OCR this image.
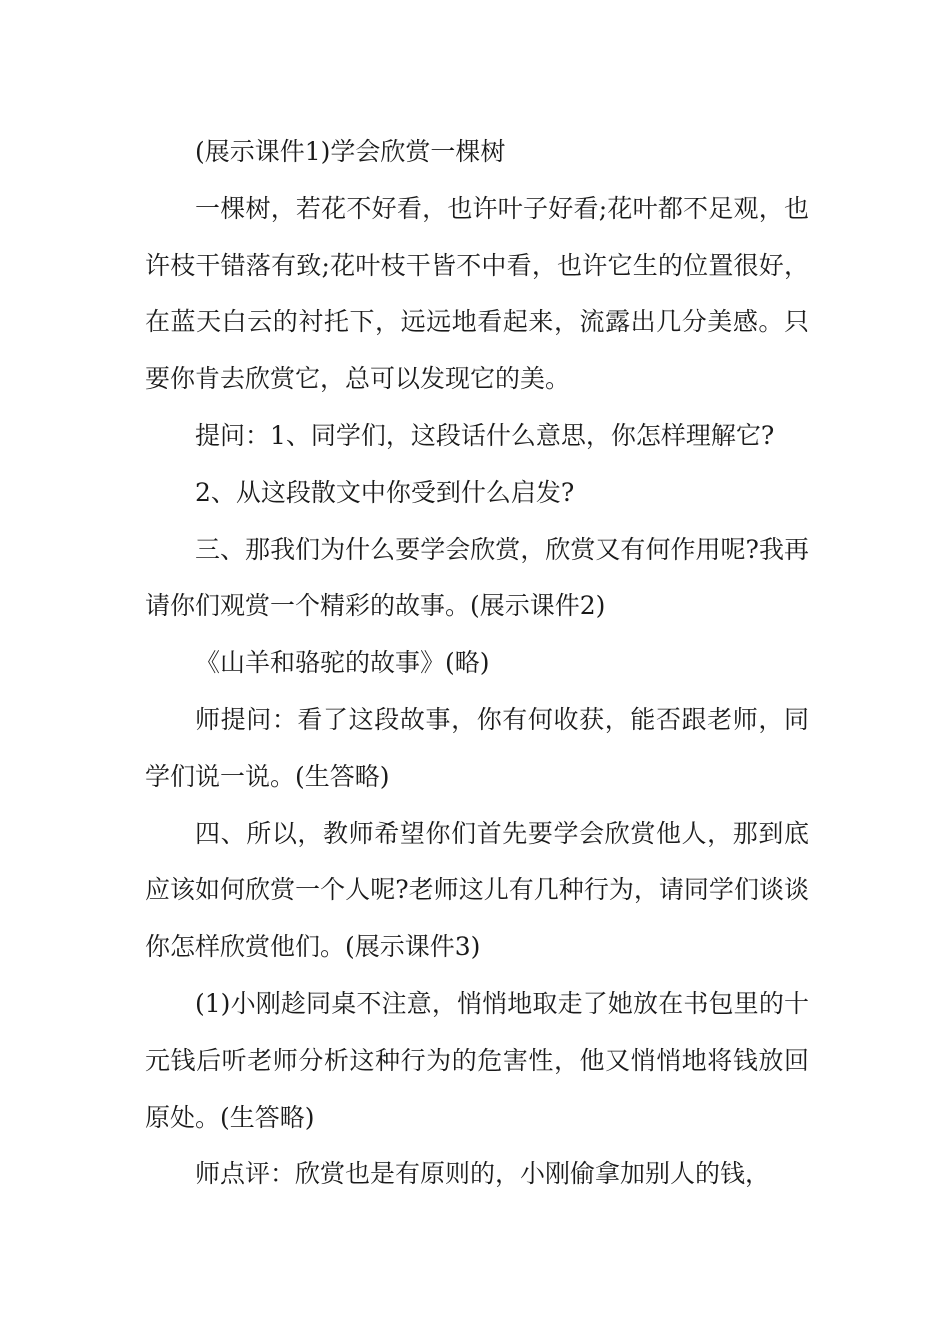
(展示课件1)学会欣赏一棵树

一棵树，若花不好看，也许叶子好看;花叶都不足观，也许枝干错落有致;花叶枝干皆不中看，也许它生的位置很好，在蓝天白云的衬托下，远远地看起来，流露出几分美感。只要你肯去欣赏它，总可以发现它的美。

提问：1、同学们，这段话什么意思，你怎样理解它?

2、从这段散文中你受到什么启发?

三、那我们为什么要学会欣赏，欣赏又有何作用呢?我再请你们观赏一个精彩的故事。(展示课件2)

《山羊和骆驼的故事》(略)

师提问：看了这段故事，你有何收获，能否跟老师，同学们说一说。(生答略)

四、所以，教师希望你们首先要学会欣赏他人，那到底应该如何欣赏一个人呢?老师这儿有几种行为，请同学们谈谈你怎样欣赏他们。(展示课件3)

(1)小刚趁同桌不注意，悄悄地取走了她放在书包里的十元钱后听老师分析这种行为的危害性，他又悄悄地将钱放回原处。(生答略)

师点评：欣赏也是有原则的，小刚偷拿加别人的钱，
